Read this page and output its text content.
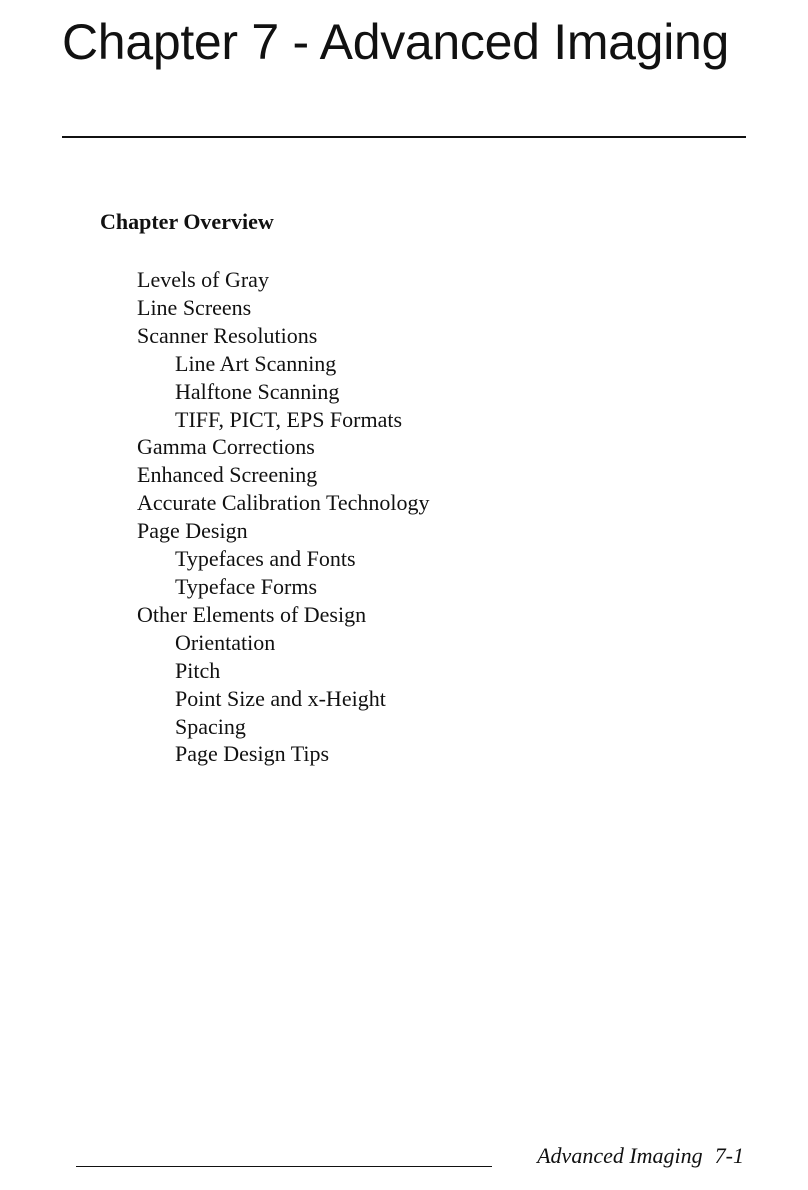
Chapter 7 - Advanced Imaging
Chapter Overview
Levels of Gray
Line Screens
Scanner Resolutions
Line Art Scanning
Halftone Scanning
TIFF, PICT, EPS Formats
Gamma Corrections
Enhanced Screening
Accurate Calibration Technology
Page Design
Typefaces and Fonts
Typeface Forms
Other Elements of Design
Orientation
Pitch
Point Size and x-Height
Spacing
Page Design Tips

Advanced Imaging 7-1
